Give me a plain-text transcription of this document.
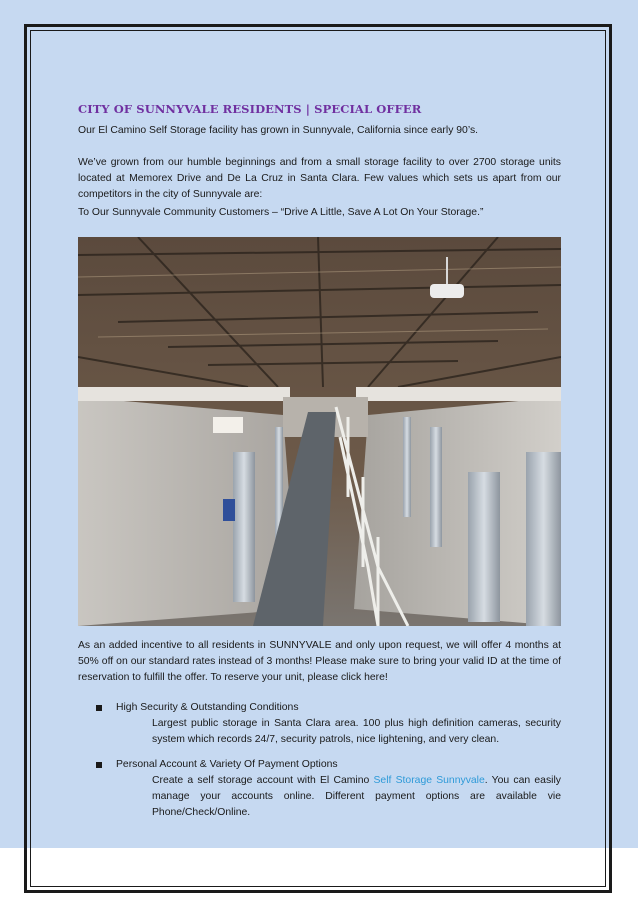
CITY OF SUNNYVALE RESIDENTS | SPECIAL OFFER

Our El Camino Self Storage facility has grown in Sunnyvale, California since early 90’s.

We’ve grown from our humble beginnings and from a small storage facility to over 2700 storage units located at Memorex Drive and De La Cruz in Santa Clara. Few values which sets us apart from our competitors in the city of Sunnyvale are:

To Our Sunnyvale Community Customers – “Drive A Little, Save A Lot On Your Storage.”

As an added incentive to all residents in SUNNYVALE and only upon request, we will offer 4 months at 50% off on our standard rates instead of 3 months! Please make sure to bring your valid ID at the time of reservation to fulfill the offer. To reserve your unit, please click here!

High Security & Outstanding Conditions
Largest public storage in Santa Clara area. 100 plus high definition cameras, security system which records 24/7, security patrols, nice lightening, and very clean.
Personal Account & Variety Of Payment Options
Create a self storage account with El Camino Self Storage Sunnyvale. You can easily manage your accounts online. Different payment options are available vie Phone/Check/Online.
